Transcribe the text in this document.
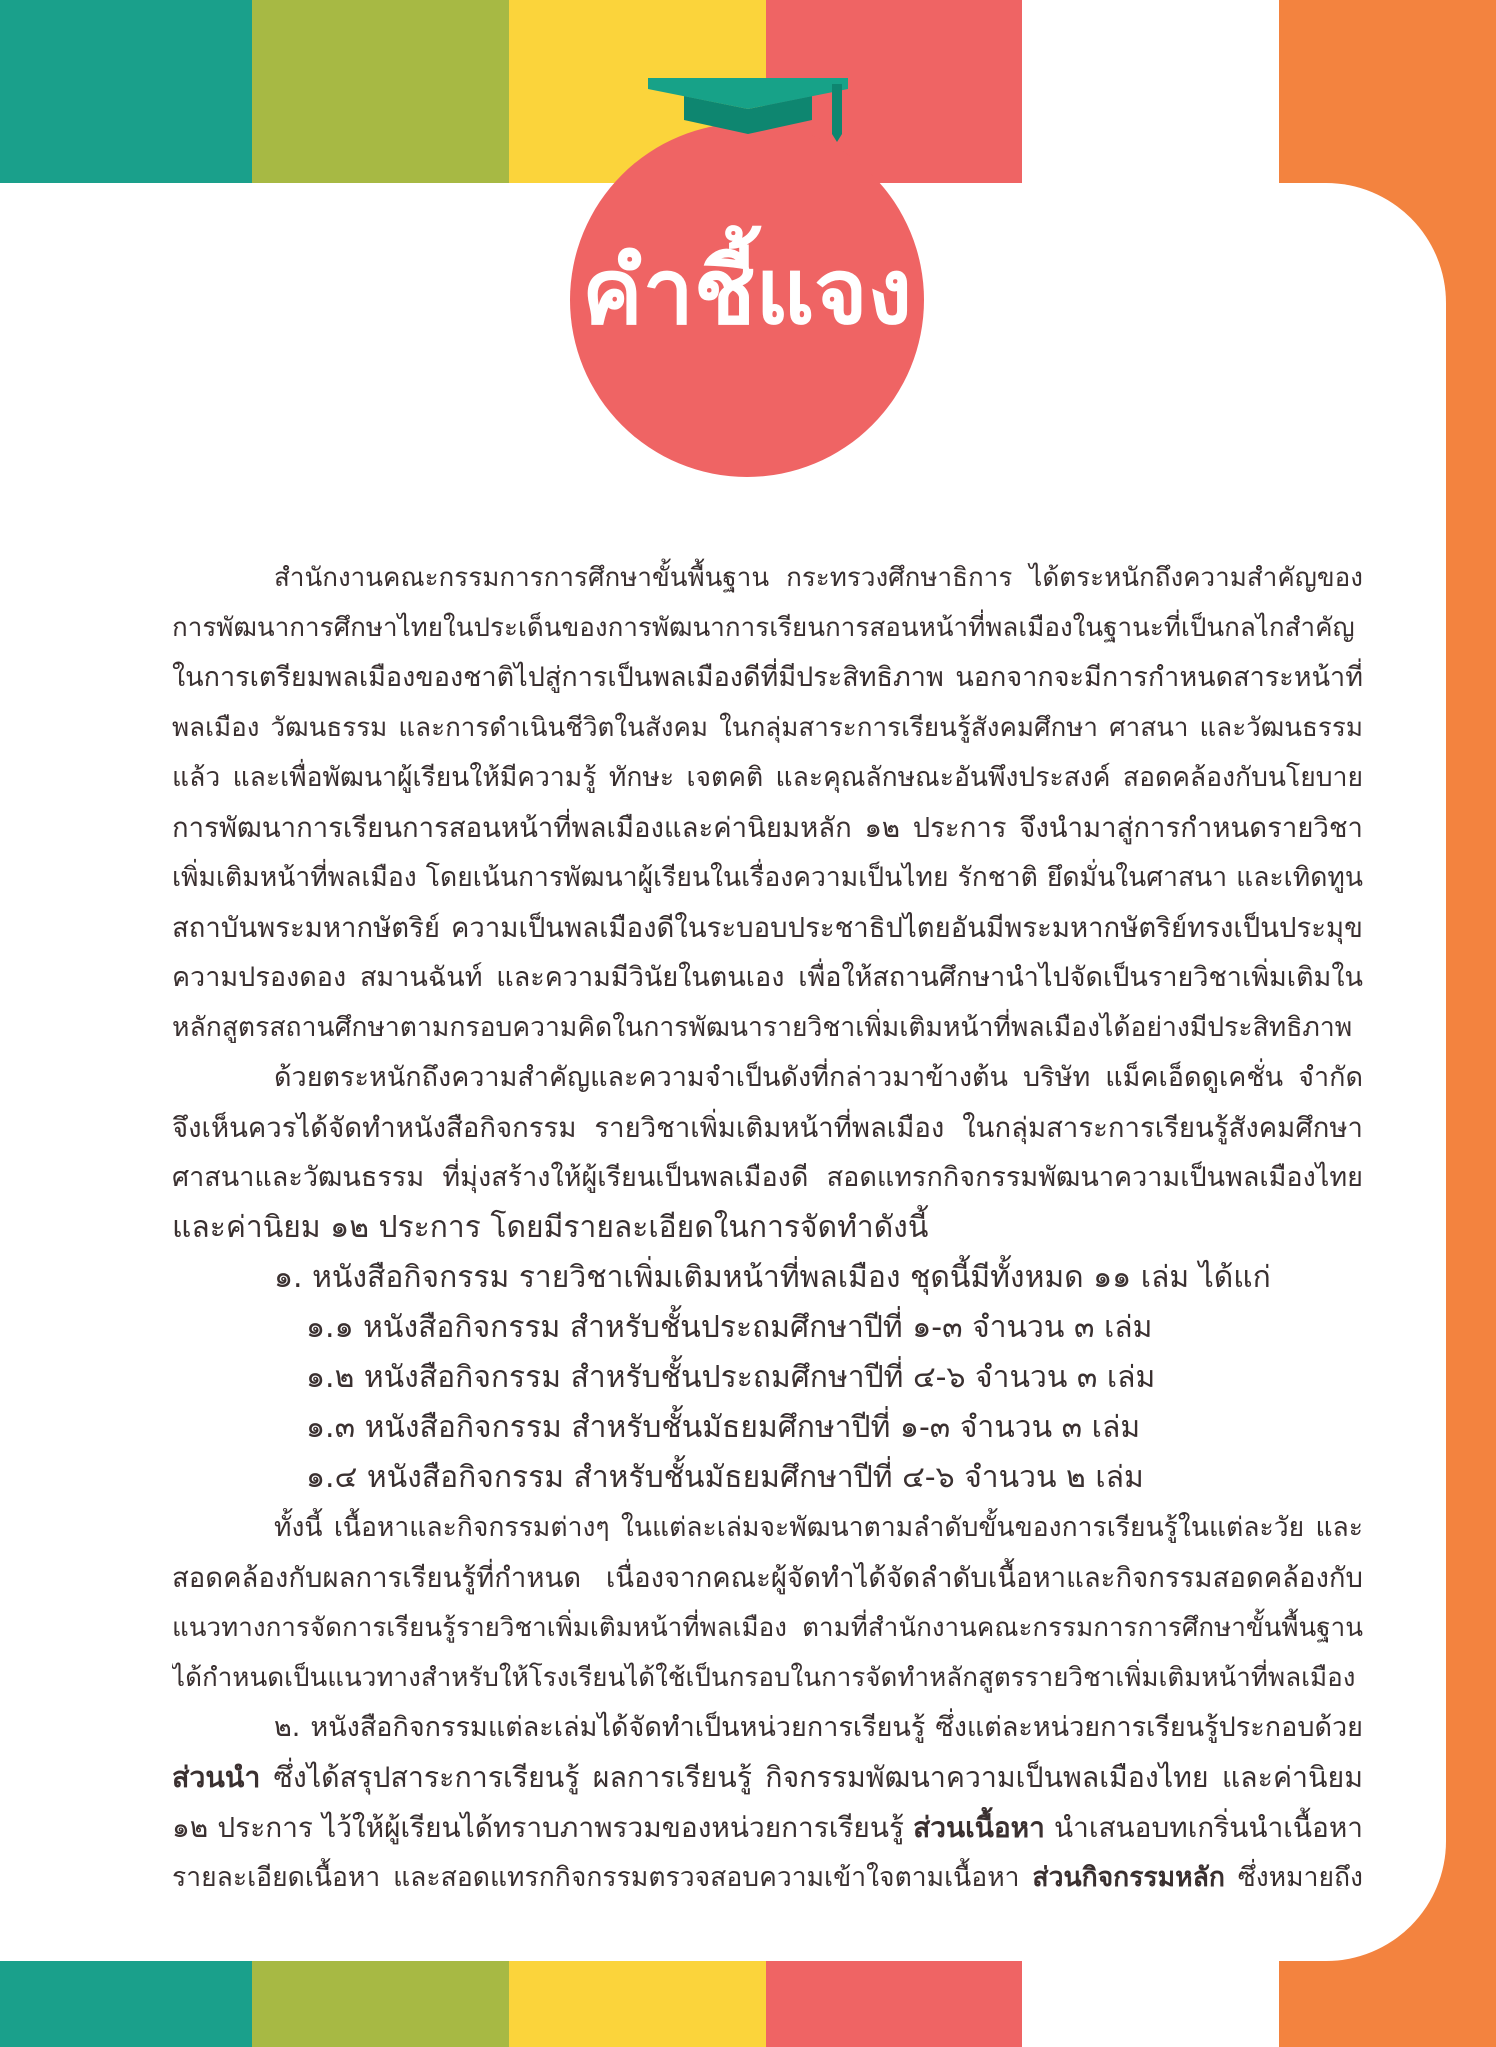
คำชี้แจง

สำนักงานคณะกรรมการการศึกษาขั้นพื้นฐาน กระทรวงศึกษาธิการ ได้ตระหนักถึงความสำคัญของ

การพัฒนาการศึกษาไทยในประเด็นของการพัฒนาการเรียนการสอนหน้าที่พลเมืองในฐานะที่เป็นกลไกสำคัญ

ในการเตรียมพลเมืองของชาติไปสู่การเป็นพลเมืองดีที่มีประสิทธิภาพ นอกจากจะมีการกำหนดสาระหน้าที่

พลเมือง วัฒนธรรม และการดำเนินชีวิตในสังคม ในกลุ่มสาระการเรียนรู้สังคมศึกษา ศาสนา และวัฒนธรรม

แล้ว และเพื่อพัฒนาผู้เรียนให้มีความรู้ ทักษะ เจตคติ และคุณลักษณะอันพึงประสงค์ สอดคล้องกับนโยบาย

การพัฒนาการเรียนการสอนหน้าที่พลเมืองและค่านิยมหลัก ๑๒ ประการ จึงนำมาสู่การกำหนดรายวิชา

เพิ่มเติมหน้าที่พลเมือง โดยเน้นการพัฒนาผู้เรียนในเรื่องความเป็นไทย รักชาติ ยึดมั่นในศาสนา และเทิดทูน

สถาบันพระมหากษัตริย์ ความเป็นพลเมืองดีในระบอบประชาธิปไตยอันมีพระมหากษัตริย์ทรงเป็นประมุข

ความปรองดอง สมานฉันท์ และความมีวินัยในตนเอง เพื่อให้สถานศึกษานำไปจัดเป็นรายวิชาเพิ่มเติมใน

หลักสูตรสถานศึกษาตามกรอบความคิดในการพัฒนารายวิชาเพิ่มเติมหน้าที่พลเมืองได้อย่างมีประสิทธิภาพ

ด้วยตระหนักถึงความสำคัญและความจำเป็นดังที่กล่าวมาข้างต้น บริษัท แม็คเอ็ดดูเคชั่น จำกัด

จึงเห็นควรได้จัดทำหนังสือกิจกรรม รายวิชาเพิ่มเติมหน้าที่พลเมือง ในกลุ่มสาระการเรียนรู้สังคมศึกษา

ศาสนาและวัฒนธรรม ที่มุ่งสร้างให้ผู้เรียนเป็นพลเมืองดี สอดแทรกกิจกรรมพัฒนาความเป็นพลเมืองไทย

และค่านิยม ๑๒ ประการ โดยมีรายละเอียดในการจัดทำดังนี้

๑. หนังสือกิจกรรม รายวิชาเพิ่มเติมหน้าที่พลเมือง ชุดนี้มีทั้งหมด ๑๑ เล่ม ได้แก่

๑.๑ หนังสือกิจกรรม สำหรับชั้นประถมศึกษาปีที่ ๑-๓ จำนวน ๓ เล่ม

๑.๒ หนังสือกิจกรรม สำหรับชั้นประถมศึกษาปีที่ ๔-๖ จำนวน ๓ เล่ม

๑.๓ หนังสือกิจกรรม สำหรับชั้นมัธยมศึกษาปีที่ ๑-๓ จำนวน ๓ เล่ม

๑.๔ หนังสือกิจกรรม สำหรับชั้นมัธยมศึกษาปีที่ ๔-๖ จำนวน ๒ เล่ม

ทั้งนี้ เนื้อหาและกิจกรรมต่างๆ ในแต่ละเล่มจะพัฒนาตามลำดับขั้นของการเรียนรู้ในแต่ละวัย และ

สอดคล้องกับผลการเรียนรู้ที่กำหนด เนื่องจากคณะผู้จัดทำได้จัดลำดับเนื้อหาและกิจกรรมสอดคล้องกับ

แนวทางการจัดการเรียนรู้รายวิชาเพิ่มเติมหน้าที่พลเมือง ตามที่สำนักงานคณะกรรมการการศึกษาขั้นพื้นฐาน

ได้กำหนดเป็นแนวทางสำหรับให้โรงเรียนได้ใช้เป็นกรอบในการจัดทำหลักสูตรรายวิชาเพิ่มเติมหน้าที่พลเมือง

๒. หนังสือกิจกรรมแต่ละเล่มได้จัดทำเป็นหน่วยการเรียนรู้ ซึ่งแต่ละหน่วยการเรียนรู้ประกอบด้วย

ส่วนนำ ซึ่งได้สรุปสาระการเรียนรู้ ผลการเรียนรู้ กิจกรรมพัฒนาความเป็นพลเมืองไทย และค่านิยม

๑๒ ประการ ไว้ให้ผู้เรียนได้ทราบภาพรวมของหน่วยการเรียนรู้ ส่วนเนื้อหา นำเสนอบทเกริ่นนำเนื้อหา

รายละเอียดเนื้อหา และสอดแทรกกิจกรรมตรวจสอบความเข้าใจตามเนื้อหา ส่วนกิจกรรมหลัก ซึ่งหมายถึง
